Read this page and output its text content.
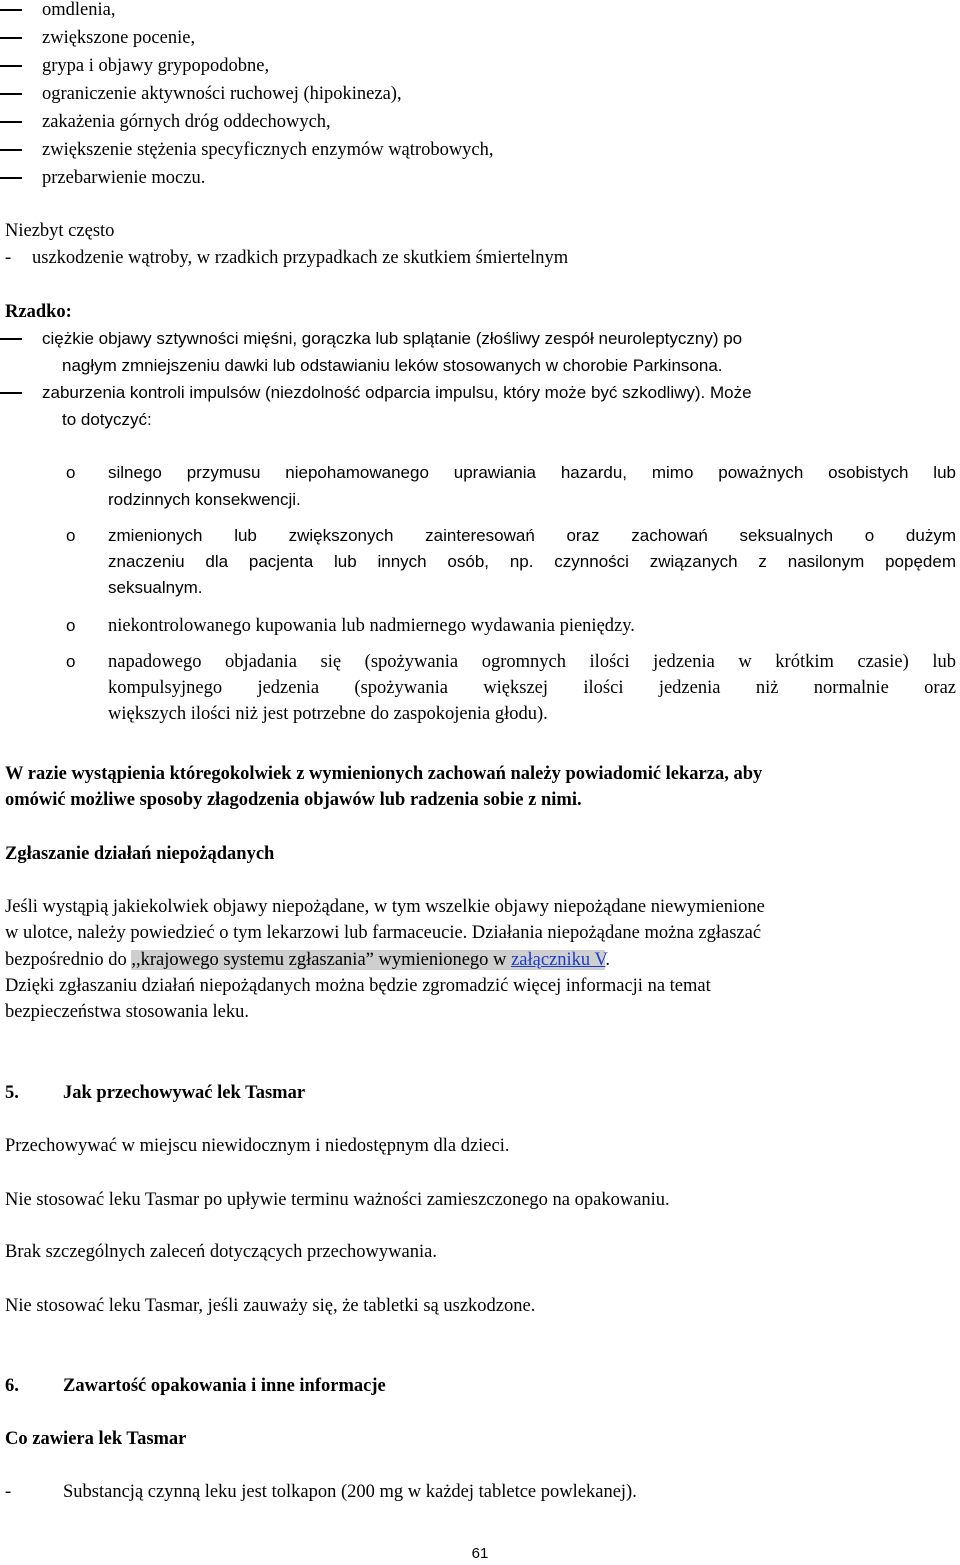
omdlenia,
zwiększone pocenie,
grypa i objawy grypopodobne,
ograniczenie aktywności ruchowej (hipokineza),
zakażenia górnych dróg oddechowych,
zwiększenie stężenia specyficznych enzymów wątrobowych,
przebarwienie moczu.
Niezbyt często
- uszkodzenie wątroby, w rzadkich przypadkach ze skutkiem śmiertelnym
Rzadko:
ciężkie objawy sztywności mięśni, gorączka lub splątanie (złośliwy zespół neuroleptyczny) po
nagłym zmniejszeniu dawki lub odstawianiu leków stosowanych w chorobie Parkinsona.
zaburzenia kontroli impulsów (niezdolność odparcia impulsu, który może być szkodliwy). Może
to dotyczyć:
o silnego przymusu niepohamowanego uprawiania hazardu, mimo poważnych osobistych lub
rodzinnych konsekwencji.
o zmienionych lub zwiększonych zainteresowań oraz zachowań seksualnych o dużym
znaczeniu dla pacjenta lub innych osób, np. czynności związanych z nasilonym popędem
seksualnym.
o niekontrolowanego kupowania lub nadmiernego wydawania pieniędzy.
o napadowego objadania się (spożywania ogromnych ilości jedzenia w krótkim czasie) lub
kompulsyjnego jedzenia (spożywania większej ilości jedzenia niż normalnie oraz
większych ilości niż jest potrzebne do zaspokojenia głodu).
W razie wystąpienia któregokolwiek z wymienionych zachowań należy powiadomić lekarza, aby
omówić możliwe sposoby złagodzenia objawów lub radzenia sobie z nimi.
Zgłaszanie działań niepożądanych
Jeśli wystąpią jakiekolwiek objawy niepożądane, w tym wszelkie objawy niepożądane niewymienione
w ulotce, należy powiedzieć o tym lekarzowi lub farmaceucie. Działania niepożądane można zgłaszać
bezpośrednio do ,,krajowego systemu zgłaszania” wymienionego w załączniku V.
Dzięki zgłaszaniu działań niepożądanych można będzie zgromadzić więcej informacji na temat
bezpieczeństwa stosowania leku.
5. Jak przechowywać lek Tasmar
Przechowywać w miejscu niewidocznym i niedostępnym dla dzieci.
Nie stosować leku Tasmar po upływie terminu ważności zamieszczonego na opakowaniu.
Brak szczególnych zaleceń dotyczących przechowywania.
Nie stosować leku Tasmar, jeśli zauważy się, że tabletki są uszkodzone.
6. Zawartość opakowania i inne informacje
Co zawiera lek Tasmar
-	Substancją czynną leku jest tolkapon (200 mg w każdej tabletce powlekanej).
61
